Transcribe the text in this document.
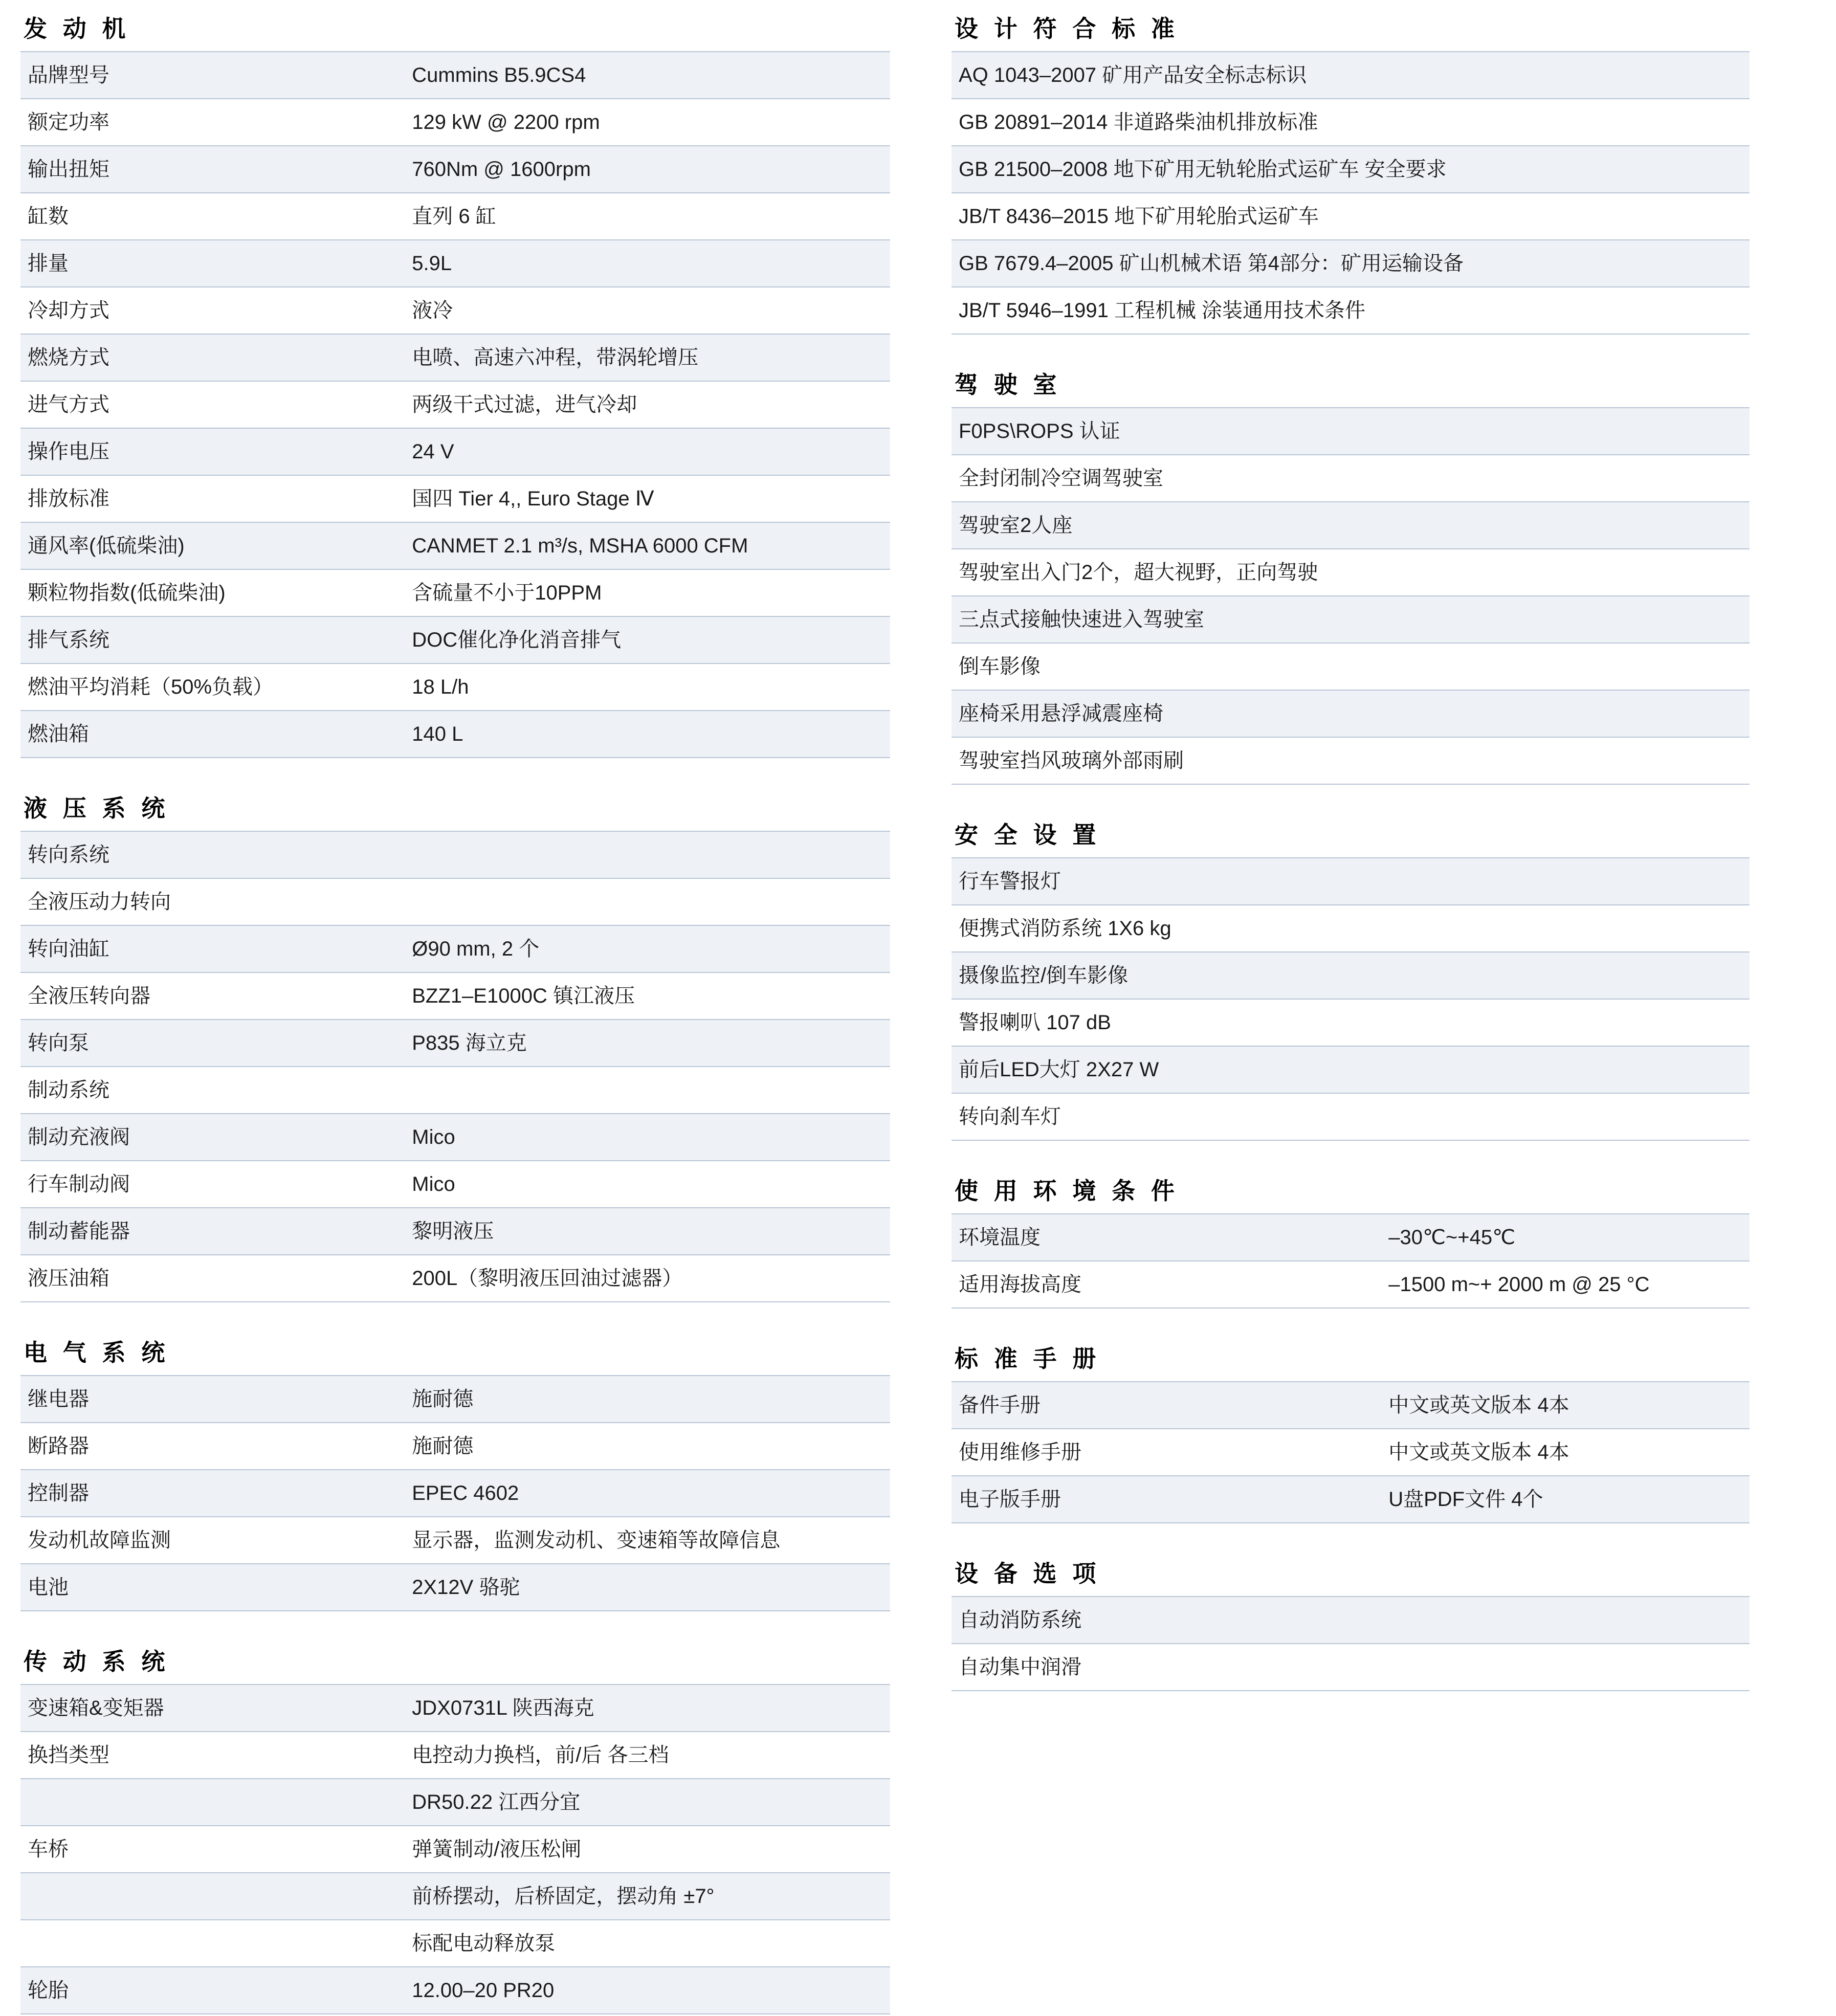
发 动 机
品牌型号	Cummins B5.9CS4
额定功率	129 kW @ 2200 rpm
输出扭矩	760Nm @ 1600rpm
缸数	直列 6 缸
排量	5.9L
冷却方式	液冷
燃烧方式	电喷、高速六冲程，带涡轮增压
进气方式	两级干式过滤，进气冷却
操作电压	24 V
排放标准	国四 Tier 4,, Euro Stage Ⅳ
通风率(低硫柴油)	CANMET 2.1 m³/s, MSHA 6000 CFM
颗粒物指数(低硫柴油)	含硫量不小于10PPM
排气系统	DOC催化净化消音排气
燃油平均消耗（50%负载）	18 L/h
燃油箱	140 L
液 压 系 统
转向系统	
全液压动力转向	
转向油缸	Ø90 mm, 2 个
全液压转向器	BZZ1–E1000C 镇江液压
转向泵	P835 海立克
制动系统	
制动充液阀	Mico
行车制动阀	Mico
制动蓄能器	黎明液压
液压油箱	200L（黎明液压回油过滤器）
电 气 系 统
继电器	施耐德
断路器	施耐德
控制器	EPEC 4602
发动机故障监测	显示器，监测发动机、变速箱等故障信息
电池	2X12V 骆驼
传 动 系 统
变速箱&变矩器	JDX0731L 陕西海克
换挡类型	电控动力换档，前/后 各三档
	DR50.22 江西分宜
车桥	弹簧制动/液压松闸
	前桥摆动，后桥固定，摆动角 ±7°
	标配电动释放泵
轮胎	12.00–20 PR20
设 计 符 合 标 准
AQ 1043–2007 矿用产品安全标志标识
GB 20891–2014 非道路柴油机排放标准
GB 21500–2008 地下矿用无轨轮胎式运矿车 安全要求
JB/T 8436–2015 地下矿用轮胎式运矿车
GB 7679.4–2005 矿山机械术语 第4部分：矿用运输设备
JB/T 5946–1991 工程机械 涂装通用技术条件
驾 驶 室
F0PS\ROPS 认证
全封闭制冷空调驾驶室
驾驶室2人座
驾驶室出入门2个，超大视野，正向驾驶
三点式接触快速进入驾驶室
倒车影像
座椅采用悬浮减震座椅
驾驶室挡风玻璃外部雨刷
安 全 设 置
行车警报灯
便携式消防系统 1X6 kg
摄像监控/倒车影像
警报喇叭 107 dB
前后LED大灯 2X27 W
转向刹车灯
使 用 环 境 条 件
环境温度	–30℃~+45℃
适用海拔高度	–1500 m~+ 2000 m @ 25 °C
标 准 手 册
备件手册	中文或英文版本 4本
使用维修手册	中文或英文版本 4本
电子版手册	U盘PDF文件 4个
设 备 选 项
自动消防系统
自动集中润滑
